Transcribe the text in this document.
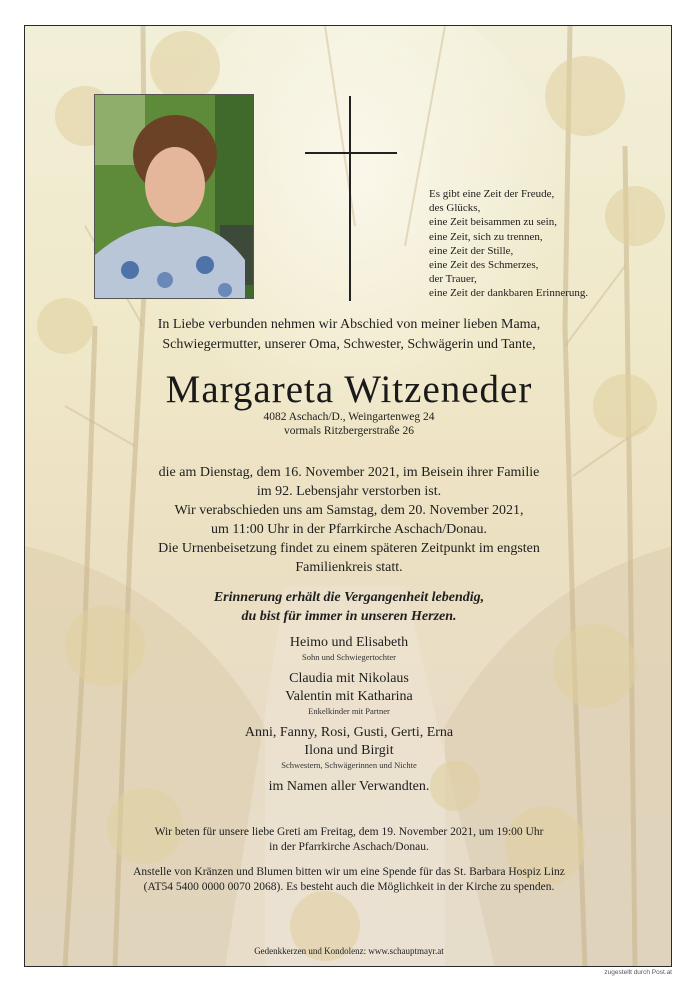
Es gibt eine Zeit der Freude,
des Glücks,
eine Zeit beisammen zu sein,
eine Zeit, sich zu trennen,
eine Zeit der Stille,
eine Zeit des Schmerzes,
der Trauer,
eine Zeit der dankbaren Erinnerung.
In Liebe verbunden nehmen wir Abschied von meiner lieben Mama,
Schwiegermutter, unserer Oma, Schwester, Schwägerin und Tante,
Margareta Witzeneder
4082 Aschach/D., Weingartenweg 24
vormals Ritzbergerstraße 26
die am Dienstag, dem 16. November 2021, im Beisein ihrer Familie
im 92. Lebensjahr verstorben ist.
Wir verabschieden uns am Samstag, dem 20. November 2021,
um 11:00 Uhr in der Pfarrkirche Aschach/Donau.
Die Urnenbeisetzung findet zu einem späteren Zeitpunkt im engsten
Familienkreis statt.
Erinnerung erhält die Vergangenheit lebendig,
du bist für immer in unseren Herzen.
Heimo und Elisabeth
Sohn und Schwiegertochter
Claudia mit Nikolaus
Valentin mit Katharina
Enkelkinder mit Partner
Anni, Fanny, Rosi, Gusti, Gerti, Erna
Ilona und Birgit
Schwestern, Schwägerinnen und Nichte
im Namen aller Verwandten.
Wir beten für unsere liebe Greti am Freitag, dem 19. November 2021, um 19:00 Uhr
in der Pfarrkirche Aschach/Donau.
Anstelle von Kränzen und Blumen bitten wir um eine Spende für das St. Barbara Hospiz Linz
(AT54 5400 0000 0070 2068). Es besteht auch die Möglichkeit in der Kirche zu spenden.
Gedenkkerzen und Kondolenz: www.schauptmayr.at
zugestellt durch Post.at
